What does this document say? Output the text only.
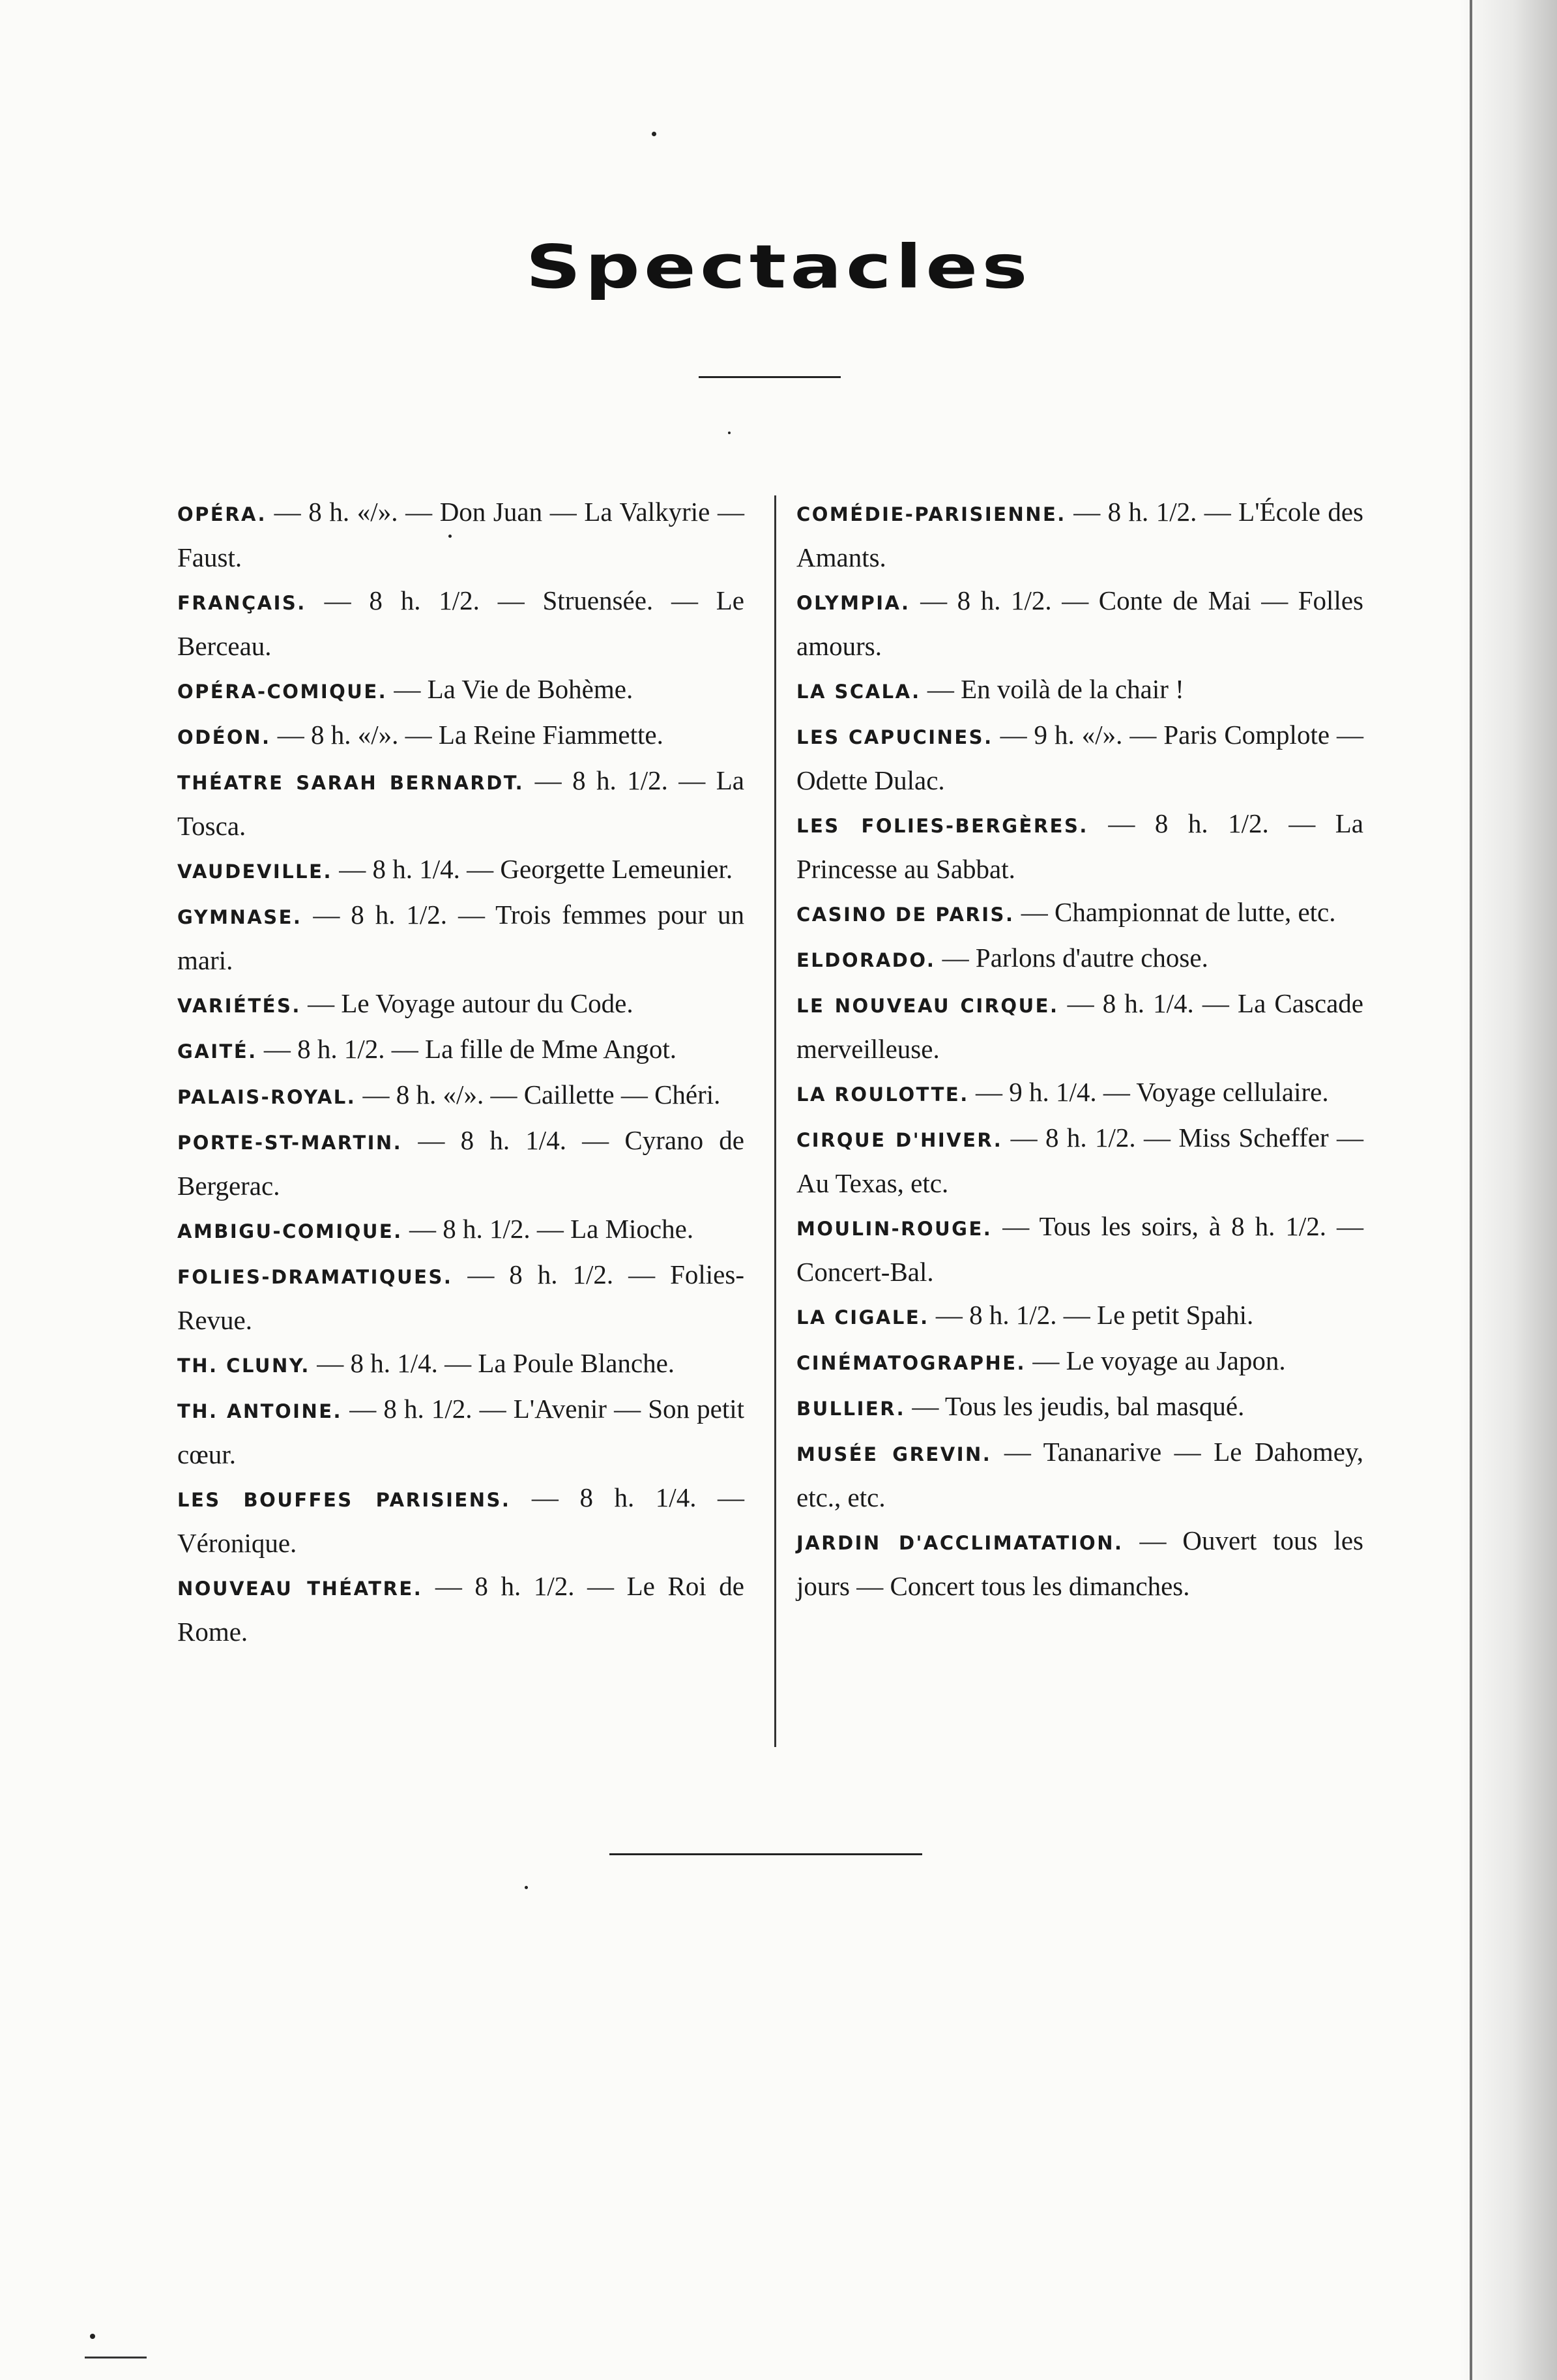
Spectacles

OPÉRA. — 8 h. «/». — Don Juan — La Valkyrie — Faust.

FRANÇAIS. — 8 h. 1/2. — Struensée. — Le Berceau.

OPÉRA-COMIQUE. — La Vie de Bohème.

ODÉON. — 8 h. «/». — La Reine Fiammette.

THÉATRE SARAH BERNARDT. — 8 h. 1/2. — La Tosca.

VAUDEVILLE. — 8 h. 1/4. — Georgette Lemeunier.

GYMNASE. — 8 h. 1/2. — Trois femmes pour un mari.

VARIÉTÉS. — Le Voyage autour du Code.

GAITÉ. — 8 h. 1/2. — La fille de Mme Angot.

PALAIS-ROYAL. — 8 h. «/». — Caillette — Chéri.

PORTE-ST-MARTIN. — 8 h. 1/4. — Cyrano de Bergerac.

AMBIGU-COMIQUE. — 8 h. 1/2. — La Mioche.

FOLIES-DRAMATIQUES. — 8 h. 1/2. — Folies-Revue.

TH. CLUNY. — 8 h. 1/4. — La Poule Blanche.

TH. ANTOINE. — 8 h. 1/2. — L'Avenir — Son petit cœur.

LES BOUFFES PARISIENS. — 8 h. 1/4. — Véronique.

NOUVEAU THÉATRE. — 8 h. 1/2. — Le Roi de Rome.

COMÉDIE-PARISIENNE. — 8 h. 1/2. — L'École des Amants.

OLYMPIA. — 8 h. 1/2. — Conte de Mai — Folles amours.

LA SCALA. — En voilà de la chair !

LES CAPUCINES. — 9 h. «/». — Paris Complote — Odette Dulac.

LES FOLIES-BERGÈRES. — 8 h. 1/2. — La Princesse au Sabbat.

CASINO DE PARIS. — Championnat de lutte, etc.

ELDORADO. — Parlons d'autre chose.

LE NOUVEAU CIRQUE. — 8 h. 1/4. — La Cascade merveilleuse.

LA ROULOTTE. — 9 h. 1/4. — Voyage cellulaire.

CIRQUE D'HIVER. — 8 h. 1/2. — Miss Scheffer — Au Texas, etc.

MOULIN-ROUGE. — Tous les soirs, à 8 h. 1/2. — Concert-Bal.

LA CIGALE. — 8 h. 1/2. — Le petit Spahi.

CINÉMATOGRAPHE. — Le voyage au Japon.

BULLIER. — Tous les jeudis, bal masqué.

MUSÉE GREVIN. — Tananarive — Le Dahomey, etc., etc.

JARDIN D'ACCLIMATATION. — Ouvert tous les jours — Concert tous les dimanches.
